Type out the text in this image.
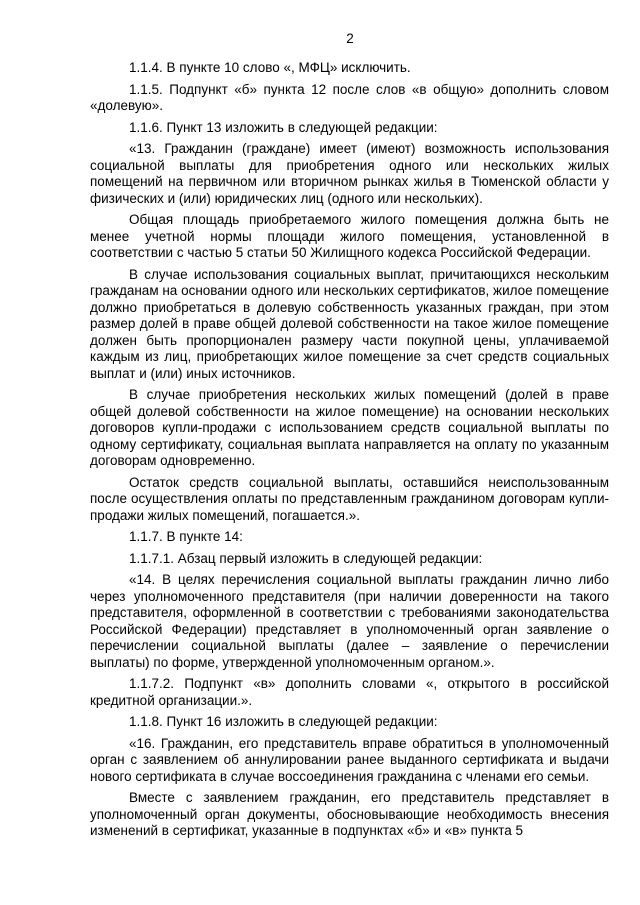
2

1.1.4. В пункте 10 слово «, МФЦ» исключить.

1.1.5. Подпункт «б» пункта 12 после слов «в общую» дополнить словом «долевую».

1.1.6. Пункт 13 изложить в следующей редакции:

«13. Гражданин (граждане) имеет (имеют) возможность использования социальной выплаты для приобретения одного или нескольких жилых помещений на первичном или вторичном рынках жилья в Тюменской области у физических и (или) юридических лиц (одного или нескольких).

Общая площадь приобретаемого жилого помещения должна быть не менее учетной нормы площади жилого помещения, установленной в соответствии с частью 5 статьи 50 Жилищного кодекса Российской Федерации.

В случае использования социальных выплат, причитающихся нескольким гражданам на основании одного или нескольких сертификатов, жилое помещение должно приобретаться в долевую собственность указанных граждан, при этом размер долей в праве общей долевой собственности на такое жилое помещение должен быть пропорционален размеру части покупной цены, уплачиваемой каждым из лиц, приобретающих жилое помещение за счет средств социальных выплат и (или) иных источников.

В случае приобретения нескольких жилых помещений (долей в праве общей долевой собственности на жилое помещение) на основании нескольких договоров купли-продажи с использованием средств социальной выплаты по одному сертификату, социальная выплата направляется на оплату по указанным договорам одновременно.

Остаток средств социальной выплаты, оставшийся неиспользованным после осуществления оплаты по представленным гражданином договорам купли-продажи жилых помещений, погашается.».

1.1.7. В пункте 14:

1.1.7.1. Абзац первый изложить в следующей редакции:

«14. В целях перечисления социальной выплаты гражданин лично либо через уполномоченного представителя (при наличии доверенности на такого представителя, оформленной в соответствии с требованиями законодательства Российской Федерации) представляет в уполномоченный орган заявление о перечислении социальной выплаты (далее – заявление о перечислении выплаты) по форме, утвержденной уполномоченным органом.».

1.1.7.2. Подпункт «в» дополнить словами «, открытого в российской кредитной организации.».

1.1.8. Пункт 16 изложить в следующей редакции:

«16. Гражданин, его представитель вправе обратиться в уполномоченный орган с заявлением об аннулировании ранее выданного сертификата и выдачи нового сертификата в случае воссоединения гражданина с членами его семьи.

Вместе с заявлением гражданин, его представитель представляет в уполномоченный орган документы, обосновывающие необходимость внесения изменений в сертификат, указанные в подпунктах «б» и «в» пункта 5
